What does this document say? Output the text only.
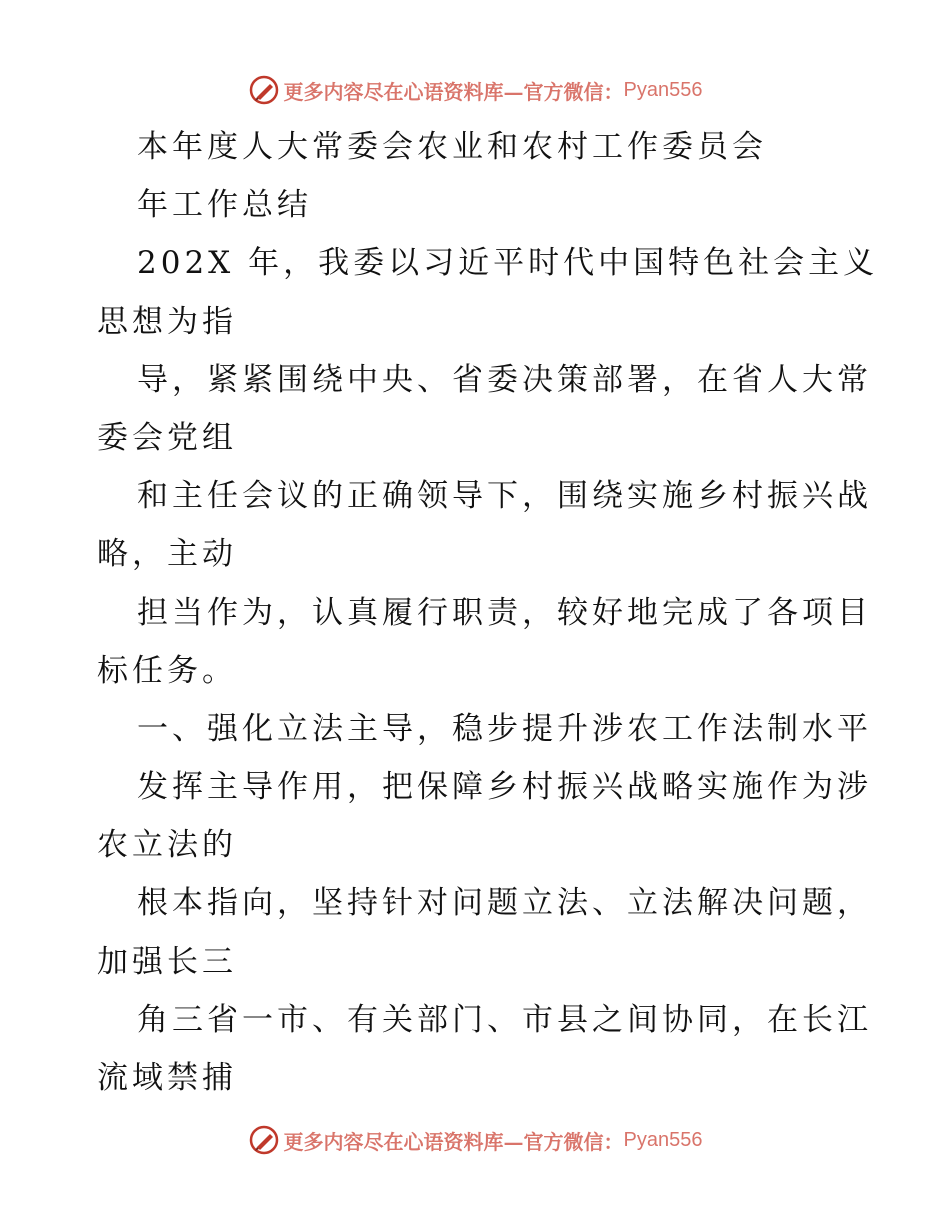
更多内容尽在心语资料库—官方微信： Pyan556
本年度人大常委会农业和农村工作委员会
年工作总结
202X 年，我委以习近平时代中国特色社会主义
思想为指
导，紧紧围绕中央、省委决策部署，在省人大常
委会党组
和主任会议的正确领导下，围绕实施乡村振兴战
略，主动
担当作为，认真履行职责，较好地完成了各项目
标任务。
一、强化立法主导，稳步提升涉农工作法制水平
发挥主导作用，把保障乡村振兴战略实施作为涉
农立法的
根本指向，坚持针对问题立法、立法解决问题，
加强长三
角三省一市、有关部门、市县之间协同，在长江
流域禁捕
更多内容尽在心语资料库—官方微信： Pyan556
